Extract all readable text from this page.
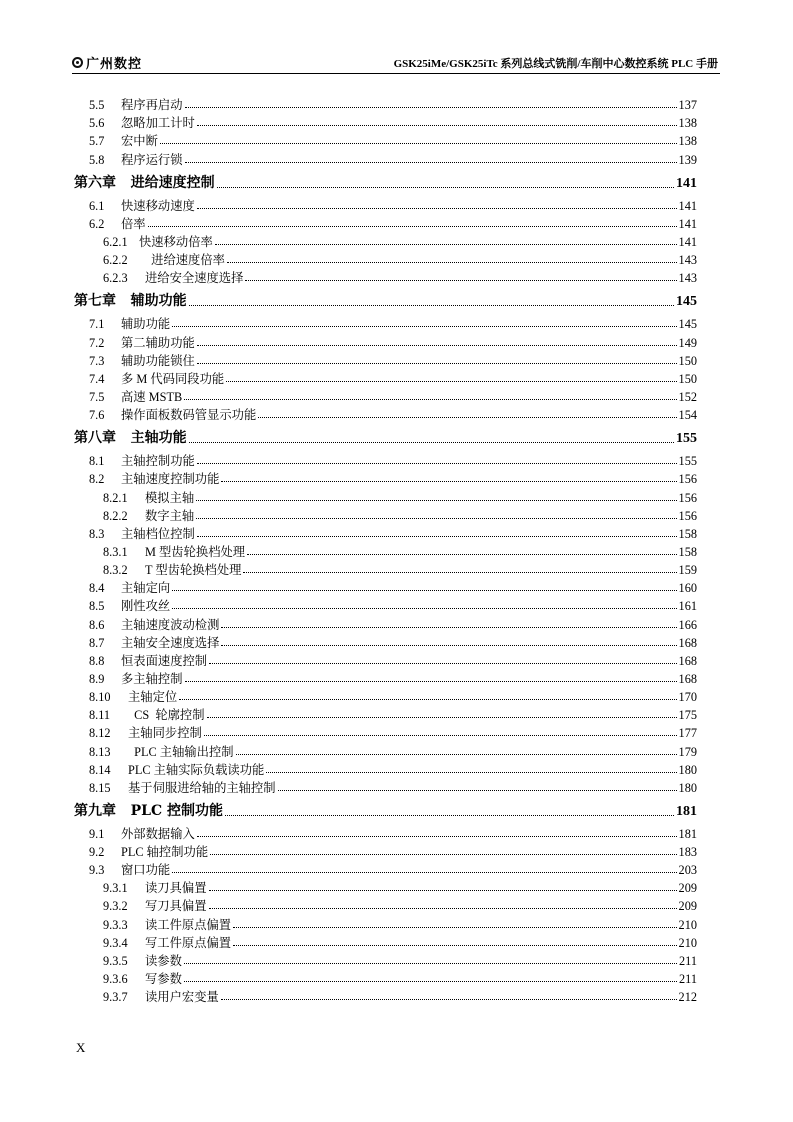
广州数控	GSK25iMe/GSK25iTc 系列总线式铣削/车削中心数控系统 PLC 手册
5.5	程序再启动	137
5.6	忽略加工计时	138
5.7	宏中断	138
5.8	程序运行锁	139
第六章   进给速度控制	141
6.1	快速移动速度	141
6.2	倍率	141
6.2.1 快速移动倍率	141
6.2.2	进给速度倍率	143
6.2.3	进给安全速度选择	143
第七章   辅助功能	145
7.1	辅助功能	145
7.2	第二辅助功能	149
7.3	辅助功能锁住	150
7.4	多 M 代码同段功能	150
7.5	高速 MSTB	152
7.6	操作面板数码管显示功能	154
第八章   主轴功能	155
8.1	主轴控制功能	155
8.2	主轴速度控制功能	156
8.2.1	模拟主轴	156
8.2.2	数字主轴	156
8.3	主轴档位控制	158
8.3.1	M 型齿轮换档处理	158
8.3.2	T 型齿轮换档处理	159
8.4	主轴定向	160
8.5	刚性攻丝	161
8.6	主轴速度波动检测	166
8.7	主轴安全速度选择	168
8.8	恒表面速度控制	168
8.9	多主轴控制	168
8.10	主轴定位	170
8.11	CS  轮廓控制	175
8.12	主轴同步控制	177
8.13	PLC 主轴输出控制	179
8.14	PLC 主轴实际负载读功能	180
8.15	基于伺服进给轴的主轴控制	180
第九章   PLC 控制功能	181
9.1	外部数据输入	181
9.2	PLC 轴控制功能	183
9.3	窗口功能	203
9.3.1	读刀具偏置	209
9.3.2	写刀具偏置	209
9.3.3	读工件原点偏置	210
9.3.4	写工件原点偏置	210
9.3.5	读参数	211
9.3.6	写参数	211
9.3.7	读用户宏变量	212
X
